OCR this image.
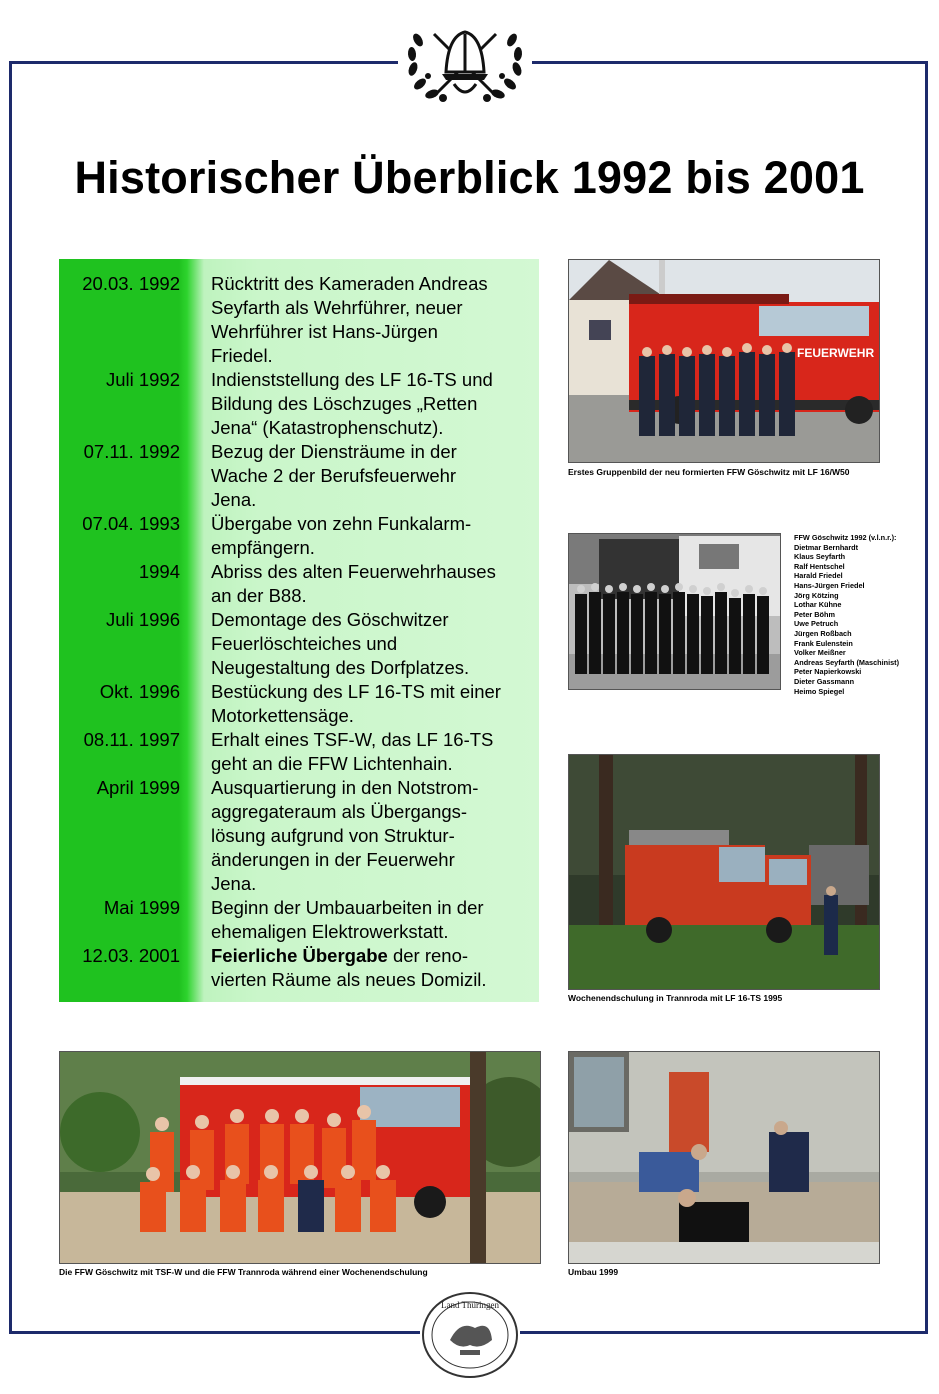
Historischer Überblick 1992 bis 2001
20.03. 1992 Rücktritt des Kameraden Andreas
Seyfarth als Wehrführer, neuer
Wehrführer ist Hans-Jürgen
Friedel.
Juli 1992 Indienststellung des LF 16-TS und
Bildung des Löschzuges „Retten
Jena“ (Katastrophenschutz).
07.11. 1992 Bezug der Diensträume in der
Wache 2 der Berufsfeuerwehr
Jena.
07.04. 1993 Übergabe von zehn Funkalarm-
empfängern.
1994 Abriss des alten Feuerwehrhauses
an der B88.
Juli 1996 Demontage des Göschwitzer
Feuerlöschteiches und
Neugestaltung des Dorfplatzes.
Okt. 1996 Bestückung des LF 16-TS mit einer
Motorkettensäge.
08.11. 1997 Erhalt eines TSF-W, das LF 16-TS
geht an die FFW Lichtenhain.
April 1999 Ausquartierung in den Notstrom-
aggregateraum als Übergangs-
lösung aufgrund von Struktur-
änderungen in der Feuerwehr
Jena.
Mai 1999 Beginn der Umbauarbeiten in der
ehemaligen Elektrowerkstatt.
12.03. 2001 Feierliche Übergabe der reno-
vierten Räume als neues Domizil.
FEUERWEHR
Erstes Gruppenbild der neu formierten FFW Göschwitz mit LF 16/W50
FFW Göschwitz 1992 (v.l.n.r.):
Dietmar Bernhardt
Klaus Seyfarth
Ralf Hentschel
Harald Friedel
Hans-Jürgen Friedel
Jörg Kötzing
Lothar Kühne
Peter Böhm
Uwe Petruch
Jürgen Roßbach
Frank Eulenstein
Volker Meißner
Andreas Seyfarth (Maschinist)
Peter Napierkowski
Dieter Gassmann
Heimo Spiegel
Wochenendschulung in Trannroda mit LF 16-TS 1995
Die FFW Göschwitz mit TSF-W und die FFW Trannroda während einer Wochenendschulung	Umbau 1999
Land Thüringen
